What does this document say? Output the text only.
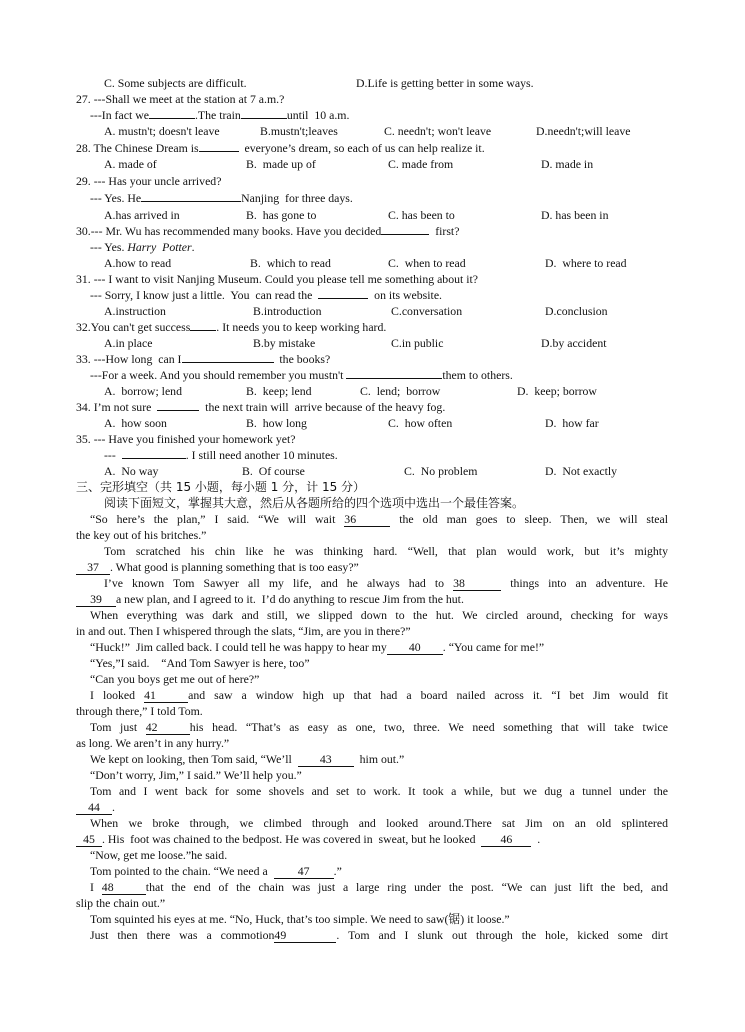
C. Some subjects are difficult.	D.Life is getting better in some ways.
27. ---Shall we meet at the station at 7 a.m.?
---In fact we	.The train	until  10 a.m.
A. mustn't; doesn't leave	B.mustn't;leaves	C. needn't; won't leave	D.needn't;will leave
28. The Chinese Dream is	everyone’s dream, so each of us can help realize it.
A. made of	B.  made up of	C. made from	D. made in
29. --- Has your uncle arrived?
--- Yes. He	Nanjing  for three days.
A.has arrived in	B.  has gone to	C. has been to	D. has been in
30.--- Mr. Wu has recommended many books. Have you decided	first?
--- Yes. Harry  Potter.
A.how to read	B.  which to read	C.  when to read	D.  where to read
31. --- I want to visit Nanjing Museum. Could you please tell me something about it?
--- Sorry, I know just a little.  You  can read the	on its website.
A.instruction	B.introduction	C.conversation	D.conclusion
32.You can't get success . It needs you to keep working hard.
A.in place	B.by mistake	C.in public	D.by accident
33. ---How long  can I	the books?
---For a week. And you should remember you mustn't	them to others.
A.  borrow; lend	B.  keep; lend	C.  lend;  borrow	D.  keep; borrow
34. I’m not sure	the next train will  arrive because of the heavy fog.
A.  how soon	B.  how long	C.  how often	D.  how far
35. --- Have you finished your homework yet?
---	. I still need another 10 minutes.
A.  No way	B.  Of course	C.  No problem	D.  Not exactly
三、完形填空（共 15 小题，每小题 1 分，计 15 分）
阅读下面短文，掌握其大意，然后从各题所给的四个选项中选出一个最佳答案。
“So here’s the plan,” I said. “We will wait 36	the old man goes to sleep. Then, we will steal
the key out of his britches.”
Tom scratched his chin like he was thinking hard. “Well, that plan would work, but it’s mighty
37 . What good is planning something that is too easy?”
I’ve known Tom Sawyer all my life, and he always had to 38	things into an adventure. He
39 a new plan, and I agreed to it.  I’d do anything to rescue Jim from the hut.
When everything was dark and still, we slipped down to the hut. We circled around, checking for ways
in and out. Then I whispered through the slats, “Jim, are you in there?”
“Huck!”  Jim called back. I could tell he was happy to hear my 40 . “You came for me!”
“Yes,”I said.    “And Tom Sawyer is here, too”
“Can you boys get me out of here?”
I looked 41	and saw a window high up that had a board nailed across it. “I bet Jim would fit
through there,” I told Tom.
Tom just 42	his head. “That’s as easy as one, two, three. We need something that will take twice
as long. We aren’t in any hurry.”
We kept on looking, then Tom said, “We’ll 43 him out.”
“Don’t worry, Jim,” I said.” We’ll help you.”
Tom and I went back for some shovels and set to work. It took a while, but we dug a tunnel under the
44 .
When we broke through, we climbed through and looked around.There sat Jim on an old splintered
45 . His  foot was chained to the bedpost. He was covered in  sweat, but he looked 46 .
“Now, get me loose.”he said.
Tom pointed to the chain. “We need a	47 .”
I 48	that the end of the chain was just a large ring under the post. “We can just lift the bed, and
slip the chain out.”
Tom squinted his eyes at me. “No, Huck, that’s too simple. We need to saw(锯) it loose.”
Just then there was a commotion49	. Tom and I slunk out through the hole, kicked some dirt
